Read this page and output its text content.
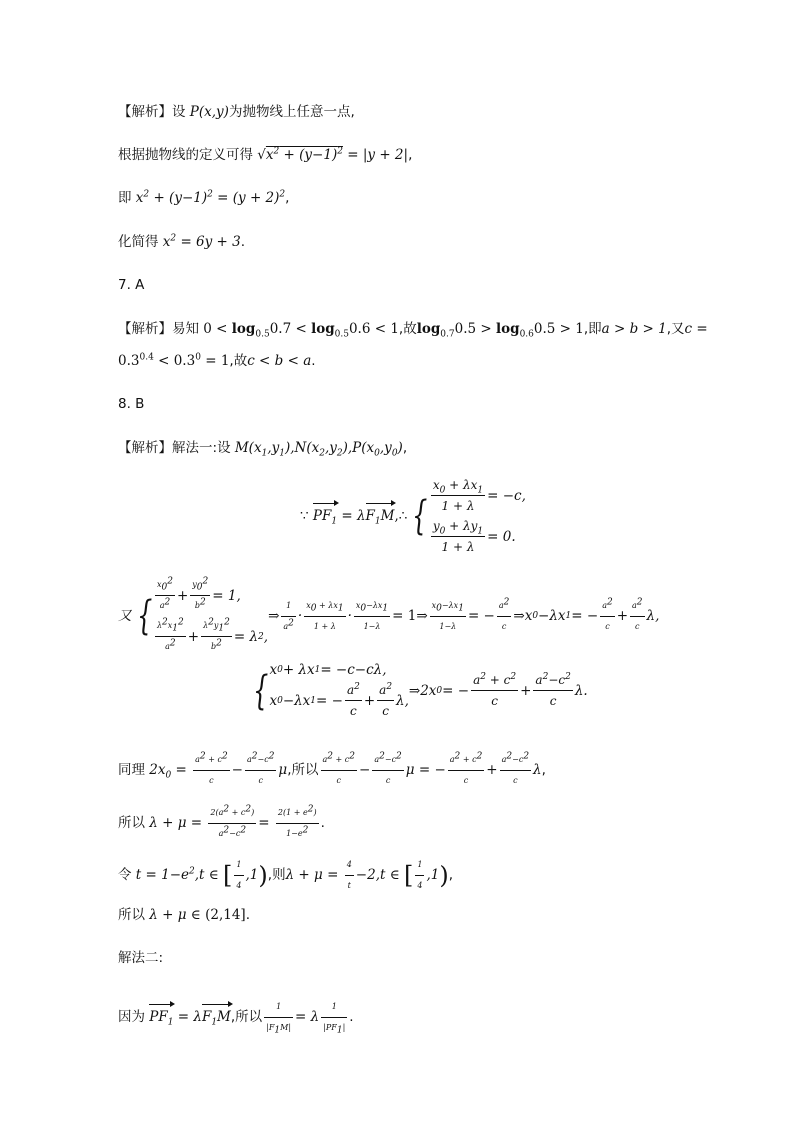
【解析】设 P(x,y)为抛物线上任意一点,
根据抛物线的定义可得 $√x^2 + (y-1)^2 = |y + 2|$,
即 $x^2 + (y-1)^2 = (y + 2)^2$,
化简得 $x^2 = 6y + 3$.
7. A
【解析】易知 $0 < \log_{0.5}0.7 < \log_{0.5}0.6 < 1$,故$\log_{0.7}0.5 > \log_{0.6}0.5 > 1$,即a > b > 1,又c =
$0.3^{0.4} < 0.3^0 = 1$,故c < b < a.
8. B
【解析】解法一:设 $M(x_1,y_1),N(x_2,y_2),P(x_0,y_0)$,
∵
$PF_1 = \lambda$ $F_1M$ ,∴ { $\frac{x_0 + \lambda x_1}{1 + \lambda} = -c$,
$\frac{y_0 + \lambda y_1}{1 + \lambda} = 0$.
又 { $\frac{x_0^2}{a^2} + \frac{y_0^2}{b^2} = 1$,
$\frac{\lambda^2x_1^2}{a^2} + \frac{\lambda^2y_1^2}{b^2} = \lambda$ 2 ,
⇒ $\frac{1}{a^2} \cdot \frac{x_0 + \lambda x_1}{1 + \lambda} \cdot \frac{x_0-\lambda x_1}{1-\lambda}$ = 1⇒ $\frac{x_0-\lambda x_1}{1-\lambda}$ = − $\frac{a^2}{c}$ ⇒ x 0 −λx 1 = − $\frac{a^2}{c} + \frac{a^2}{c} \lambda$,
{ x 0 + λx 1 = −c−cλ,
x 0 −λx 1 = − $\frac{a^2}{c} + \frac{a^2}{c} \lambda$,
⇒ 2x 0 = − $\frac{a^2 + c^2}{c} + \frac{a^2-c^2}{c} \lambda$.
同理 $2x_0 = \frac{a^2 + c^2}{c} - \frac{a^2-c^2}{c} \mu$,所以 $\frac{a^2 + c^2}{c} - \frac{a^2-c^2}{c}$ μ = − $\frac{a^2 + c^2}{c} + \frac{a^2-c^2}{c} \lambda$,
所以 $\lambda + \mu = \frac{2(a^2 + c^2)}{a^2-c^2} = \frac{2(1 + e^2)}{1-e^2}$ .
令 $t = 1-e^2,t$ ∈ [ $\frac{1}{4} ,1$),则$\lambda + \mu = \frac{4}{t} -2,t$ ∈ [ $\frac{1}{4} ,1$),
所以 λ + μ ∈ (2,14].
解法二:
因为 $PF_1 = \lambda F_1M$,所以 $\frac{1}{|F_1M|} = \lambda \frac{1}{|PF_1|}$ .
